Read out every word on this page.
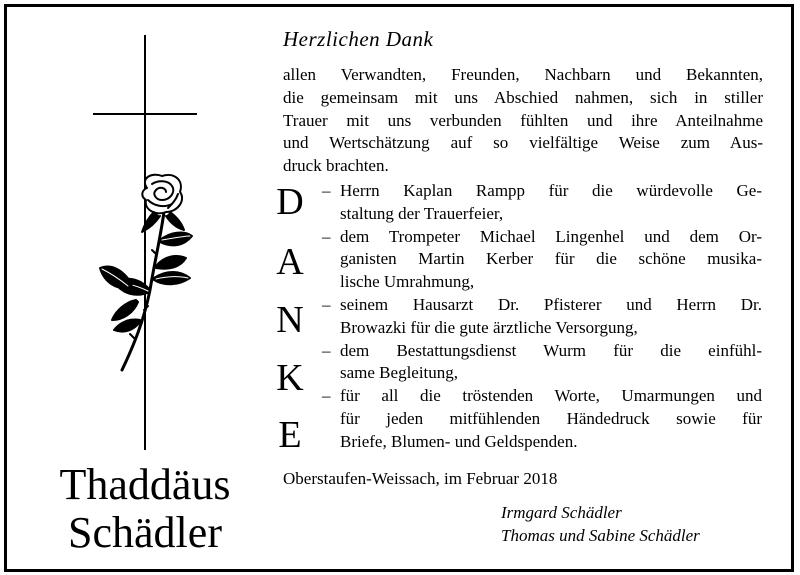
Thaddäus
Schädler
Herzlichen Dank
allen Verwandten, Freunden, Nachbarn und Bekannten,
die gemeinsam mit uns Abschied nahmen, sich in stiller
Trauer mit uns verbunden fühlten und ihre Anteilnahme
und Wertschätzung auf so vielfältige Weise zum Aus-
druck brachten.
D
A
N
K
E
– Herrn Kaplan Rampp für die würdevolle Ge-
staltung der Trauerfeier,
– dem Trompeter Michael Lingenhel und dem Or-
ganisten Martin Kerber für die schöne musika-
lische Umrahmung,
– seinem Hausarzt Dr. Pfisterer und Herrn Dr.
Browazki für die gute ärztliche Versorgung,
– dem Bestattungsdienst Wurm für die einfühl-
same Begleitung,
– für all die tröstenden Worte, Umarmungen und
für jeden mitfühlenden Händedruck sowie für
Briefe, Blumen- und Geldspenden.
Oberstaufen-Weissach, im Februar 2018
Irmgard Schädler
Thomas und Sabine Schädler
